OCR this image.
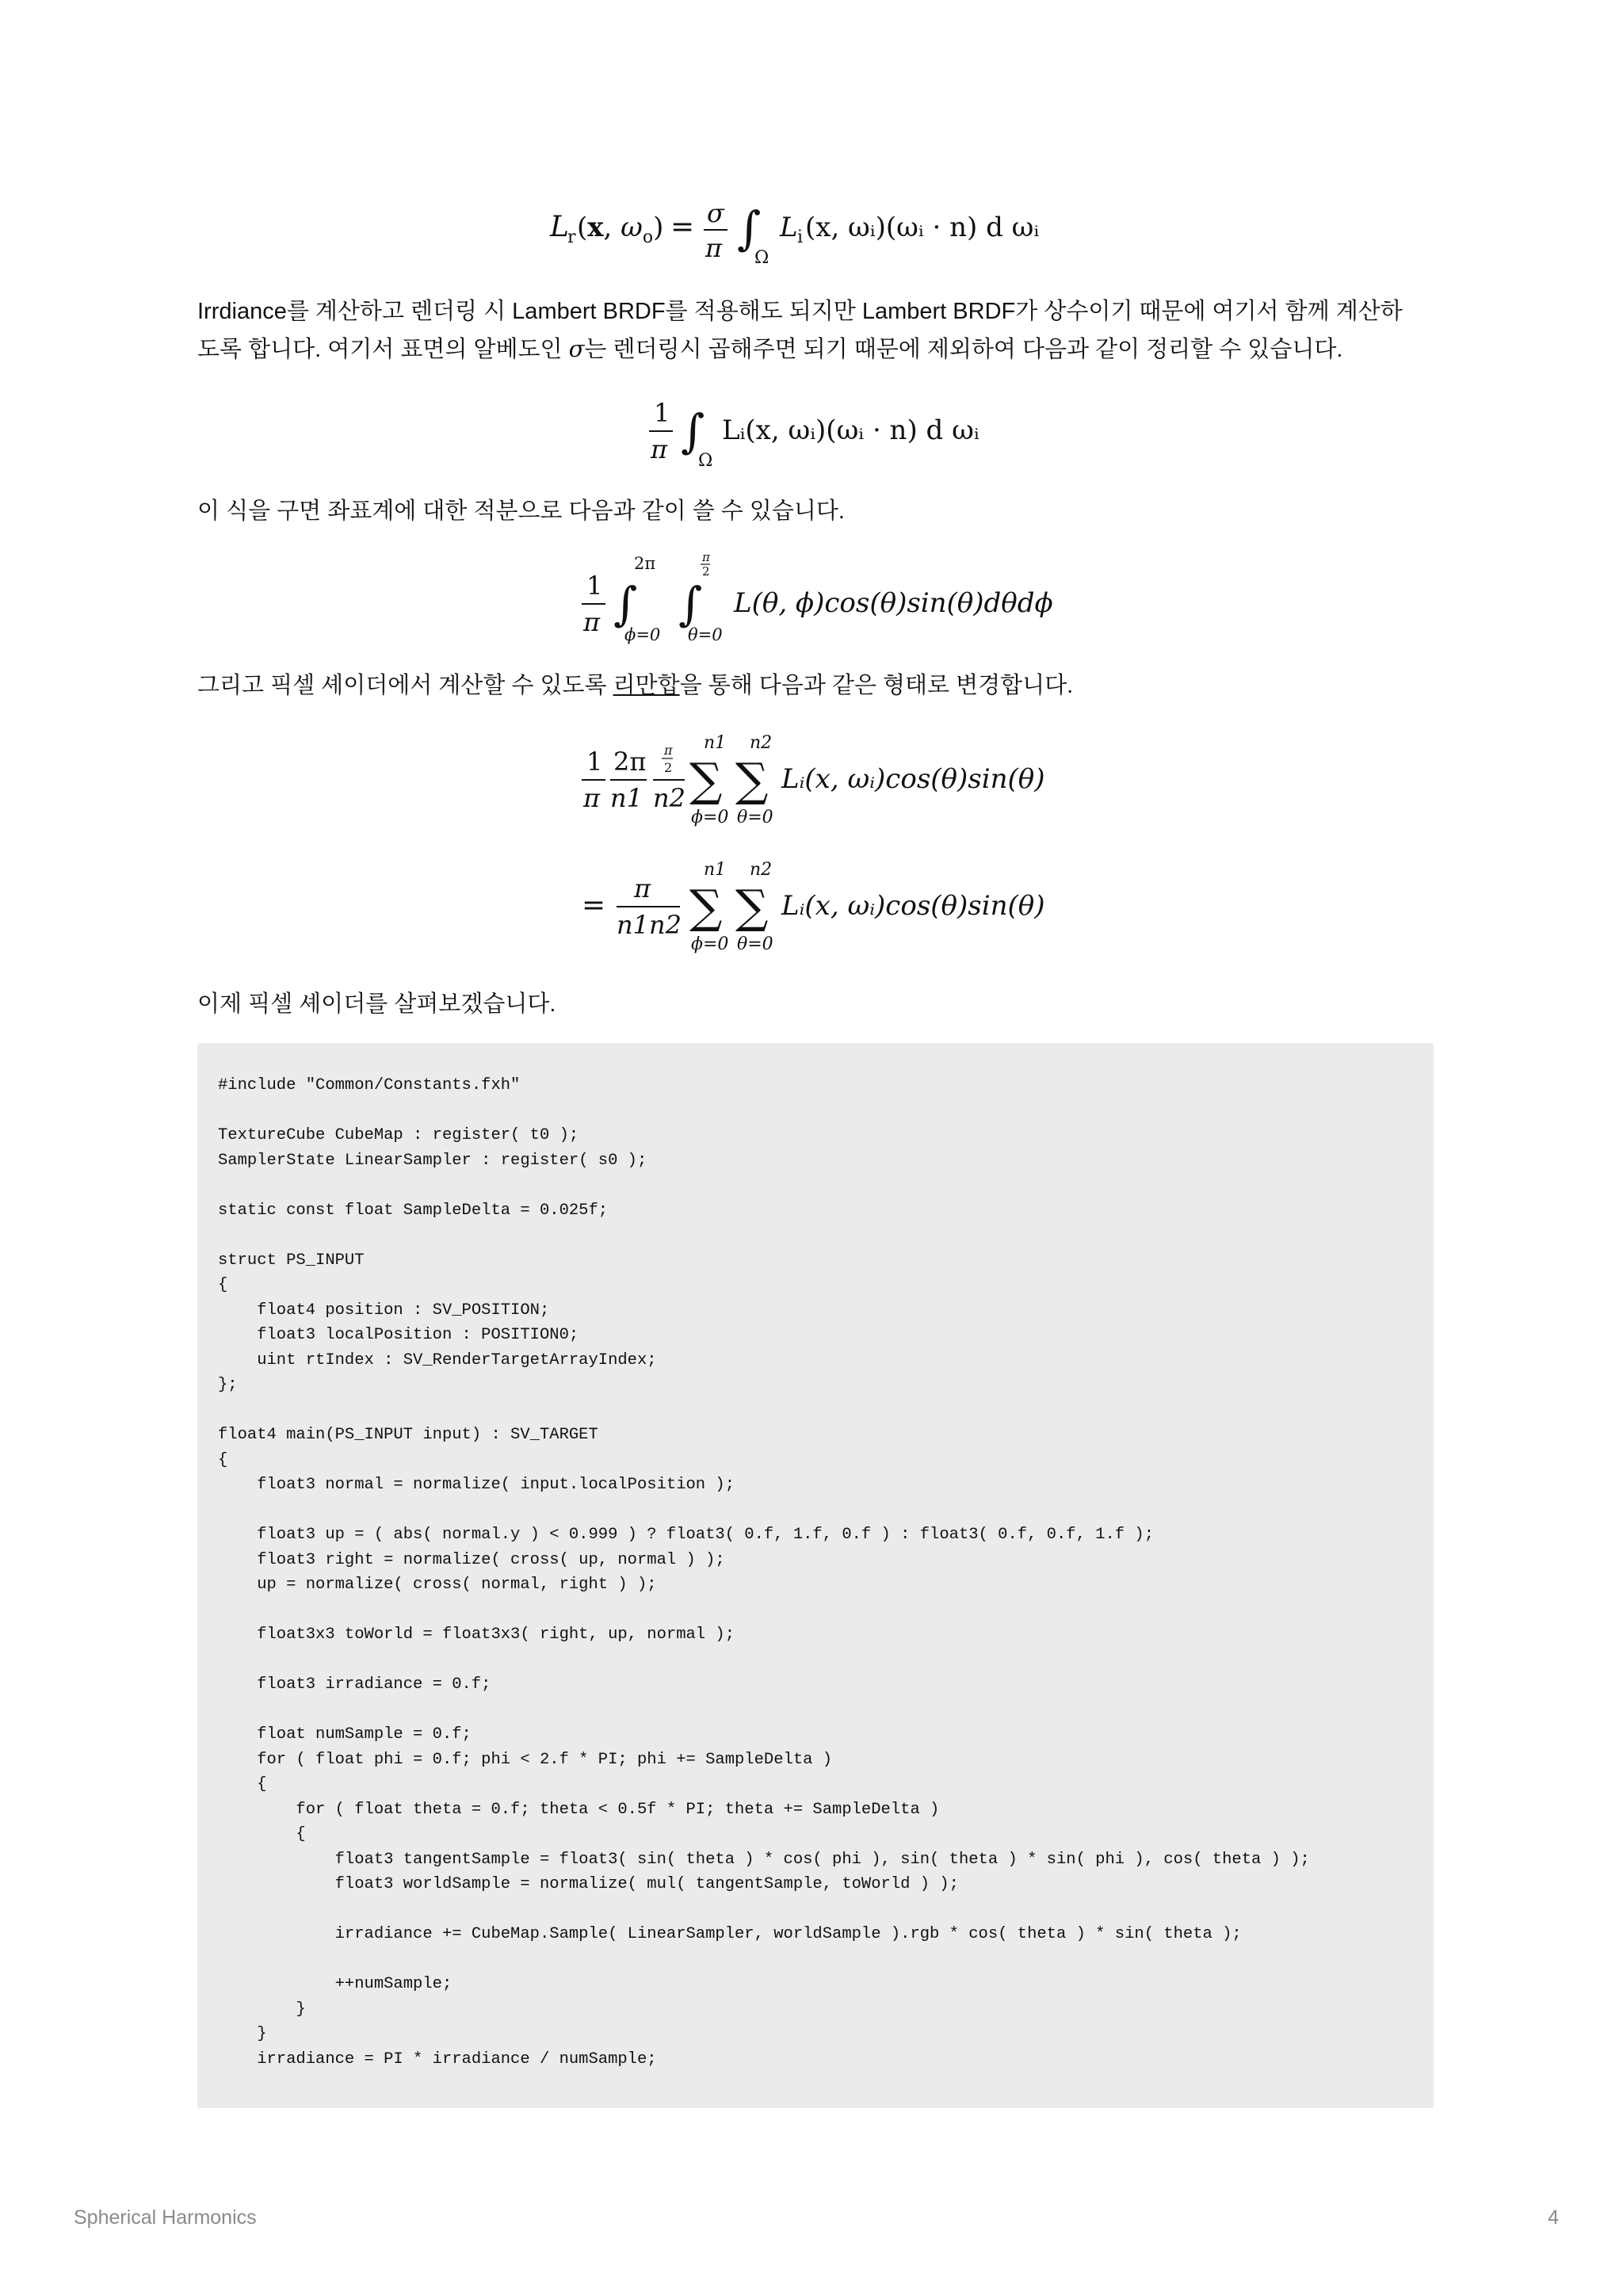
L
r (x, $\omega_o) = \sigma$
π ∫
Ω
L i (x, ωᵢ)(ωᵢ · n) d ωᵢ
Irrdiance를 계산하고 렌더링 시 Lambert BRDF를 적용해도 되지만 Lambert BRDF가 상수이기 때문에 여기서 함께 계산하
도록 합니다. 여기서 표면의 알베도인 σ는 렌더링시 곱해주면 되기 때문에 제외하여 다음과 같이 정리할 수 있습니다.
1
π ∫
Ω
Lᵢ(x, ωᵢ)(ωᵢ · n) d ωᵢ
이 식을 구면 좌표계에 대한 적분으로 다음과 같이 쓸 수 있습니다.
1
π ∫
2π
ϕ=0
∫
π
2
θ=0
L(θ, ϕ)cos(θ)sin(θ)dθdϕ
그리고 픽셀 셰이더에서 계산할 수 있도록 리만합을 통해 다음과 같은 형태로 변경합니다.
1
π
2π
n1
π
2
n2
n1
∑
ϕ=0
n2
∑
θ=0
Lᵢ(x, ωᵢ)cos(θ)sin(θ)
=
π
n1n2
n1
∑
ϕ=0
n2
∑
θ=0
Lᵢ(x, ωᵢ)cos(θ)sin(θ)
이제 픽셀 셰이더를 살펴보겠습니다.
#include "Common/Constants.fxh"

TextureCube CubeMap : register( t0 );
SamplerState LinearSampler : register( s0 );

static const float SampleDelta = 0.025f;

struct PS_INPUT
{
float4 position : SV_POSITION;
float3 localPosition : POSITION0;
uint rtIndex : SV_RenderTargetArrayIndex;
};

float4 main(PS_INPUT input) : SV_TARGET
{
float3 normal = normalize( input.localPosition );

float3 up = ( abs( normal.y ) < 0.999 ) ? float3( 0.f, 1.f, 0.f ) : float3( 0.f, 0.f, 1.f );
float3 right = normalize( cross( up, normal ) );
up = normalize( cross( normal, right ) );

float3x3 toWorld = float3x3( right, up, normal );

float3 irradiance = 0.f;

float numSample = 0.f;
for ( float phi = 0.f; phi < 2.f * PI; phi += SampleDelta )
{
for ( float theta = 0.f; theta < 0.5f * PI; theta += SampleDelta )
{
float3 tangentSample = float3( sin( theta ) * cos( phi ), sin( theta ) * sin( phi ), cos( theta ) );
float3 worldSample = normalize( mul( tangentSample, toWorld ) );

irradiance += CubeMap.Sample( LinearSampler, worldSample ).rgb * cos( theta ) * sin( theta );

++numSample;
}
}
irradiance = PI * irradiance / numSample;
Spherical Harmonics	4
